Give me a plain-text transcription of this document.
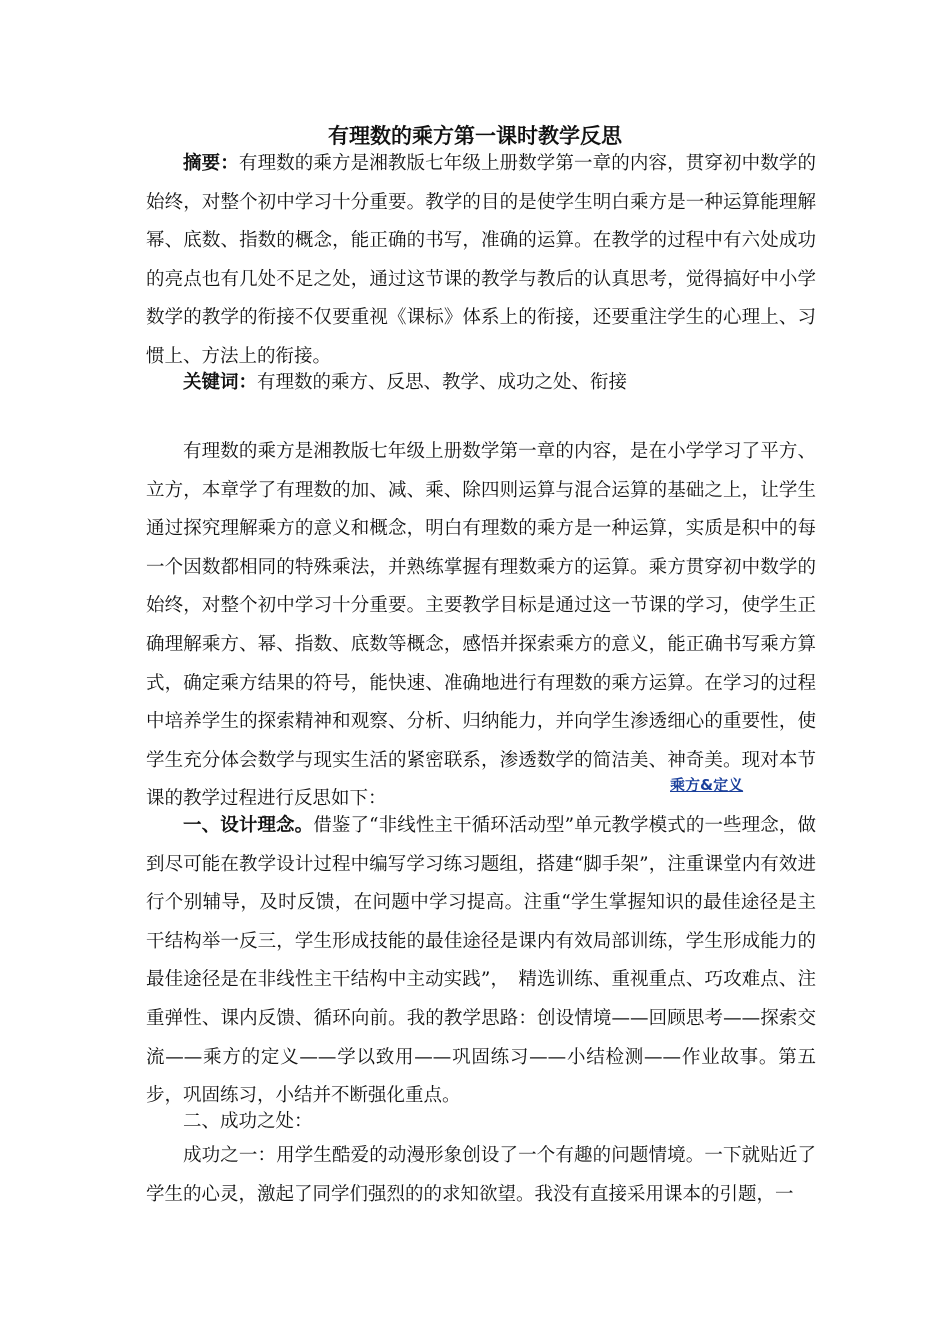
有理数的乘方第一课时教学反思
摘要：有理数的乘方是湘教版七年级上册数学第一章的内容，贯穿初中数学的始终，对整个初中学习十分重要。教学的目的是使学生明白乘方是一种运算能理解幂、底数、指数的概念，能正确的书写，准确的运算。在教学的过程中有六处成功的亮点也有几处不足之处，通过这节课的教学与教后的认真思考，觉得搞好中小学数学的教学的衔接不仅要重视《课标》体系上的衔接，还要重注学生的心理上、习惯上、方法上的衔接。
关键词：有理数的乘方、反思、教学、成功之处、衔接
有理数的乘方是湘教版七年级上册数学第一章的内容，是在小学学习了平方、立方，本章学了有理数的加、减、乘、除四则运算与混合运算的基础之上，让学生通过探究理解乘方的意义和概念，明白有理数的乘方是一种运算，实质是积中的每一个因数都相同的特殊乘法，并熟练掌握有理数乘方的运算。乘方贯穿初中数学的始终，对整个初中学习十分重要。主要教学目标是通过这一节课的学习，使学生正确理解乘方、幂、指数、底数等概念，感悟并探索乘方的意义，能正确书写乘方算式，确定乘方结果的符号，能快速、准确地进行有理数的乘方运算。在学习的过程中培养学生的探索精神和观察、分析、归纳能力，并向学生渗透细心的重要性，使学生充分体会数学与现实生活的紧密联系，渗透数学的简洁美、神奇美。现对本节课的教学过程进行反思如下：
乘方&定义
一、设计理念。借鉴了“非线性主干循环活动型”单元教学模式的一些理念，做到尽可能在教学设计过程中编写学习练习题组，搭建“脚手架”，注重课堂内有效进行个别辅导，及时反馈，在问题中学习提高。注重“学生掌握知识的最佳途径是主干结构举一反三，学生形成技能的最佳途径是课内有效局部训练，学生形成能力的最佳途径是在非线性主干结构中主动实践”，　精选训练、重视重点、巧攻难点、注重弹性、课内反馈、循环向前。我的教学思路：创设情境——回顾思考——探索交流——乘方的定义——学以致用——巩固练习——小结检测——作业故事。第五步，巩固练习，小结并不断强化重点。
二、成功之处：
成功之一：用学生酷爱的动漫形象创设了一个有趣的问题情境。一下就贴近了学生的心灵，激起了同学们强烈的的求知欲望。我没有直接采用课本的引题，一
